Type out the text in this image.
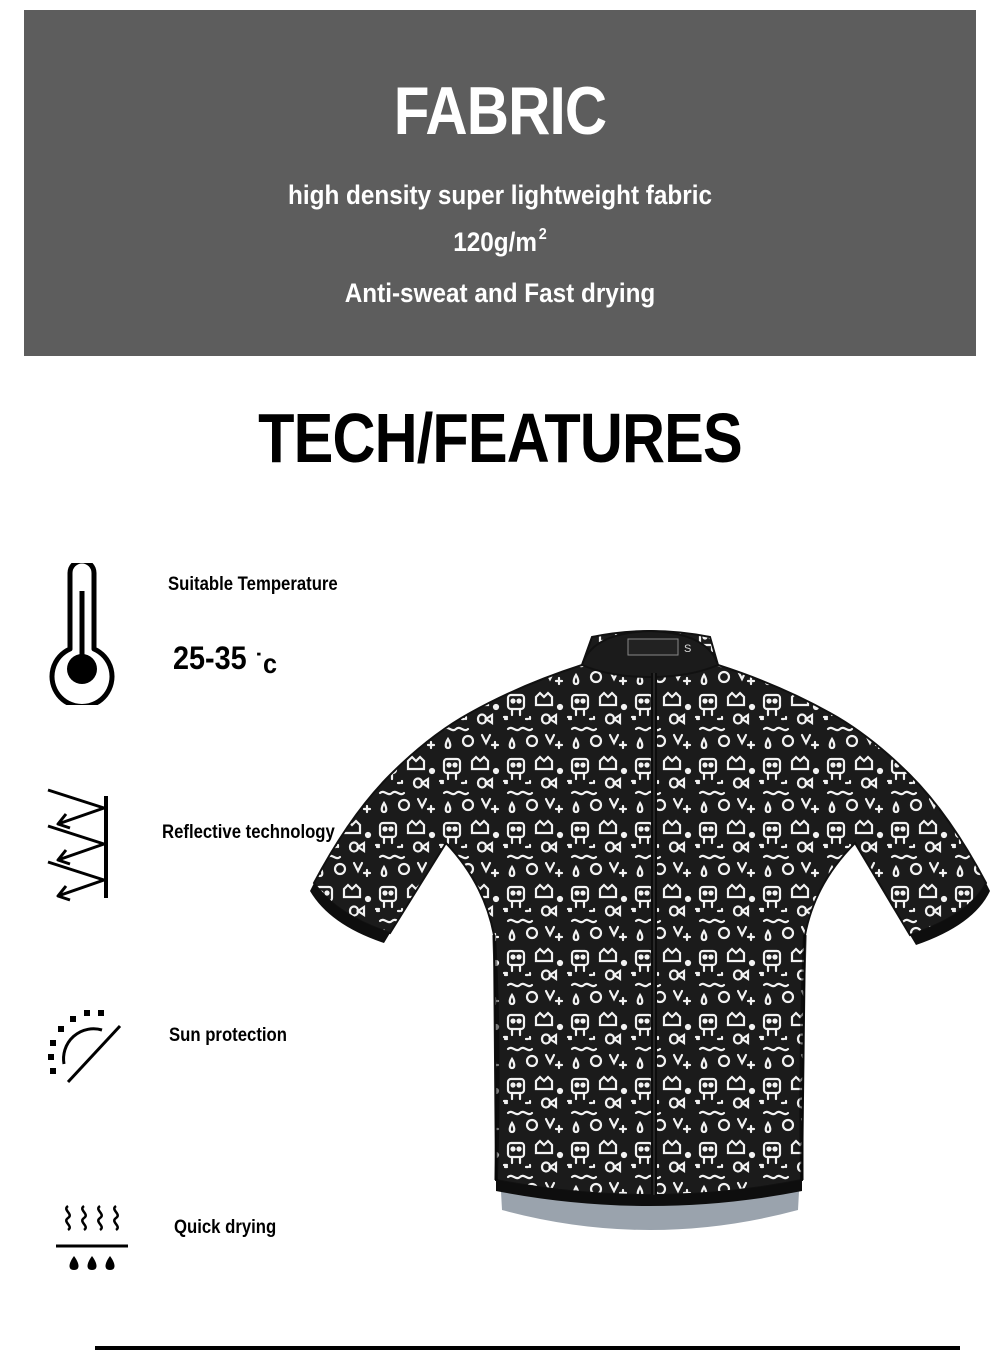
FABRIC
high density super lightweight fabric
120g/m $^2$
Anti-sweat and Fast drying
TECH/FEATURES
Suitable Temperature
25-35 ˙c
Reflective technology
Sun protection
Quick drying
S
